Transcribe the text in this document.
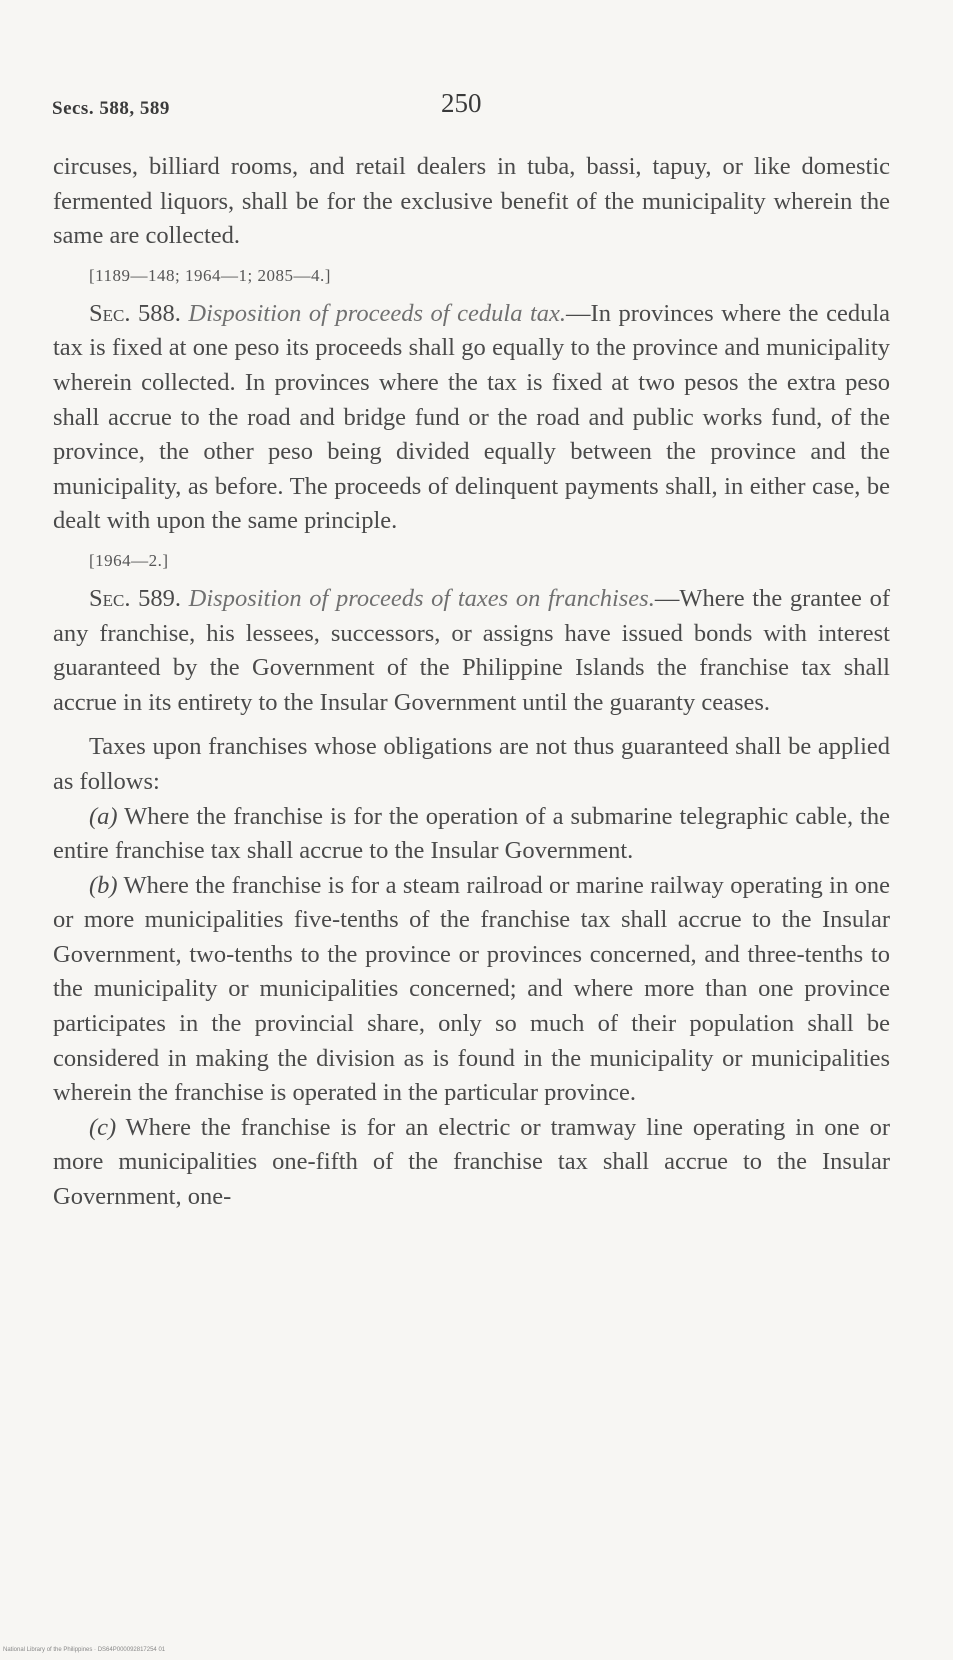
Secs. 588, 589	250

circuses, billiard rooms, and retail dealers in tuba, bassi, tapuy, or like domestic fermented liquors, shall be for the exclusive benefit of the municipality wherein the same are collected.

[1189—148; 1964—1; 2085—4.]

Sec. 588. Disposition of proceeds of cedula tax.—In provinces where the cedula tax is fixed at one peso its proceeds shall go equally to the province and municipality wherein collected. In provinces where the tax is fixed at two pesos the extra peso shall accrue to the road and bridge fund or the road and public works fund, of the province, the other peso being divided equally between the province and the municipality, as before. The proceeds of delinquent payments shall, in either case, be dealt with upon the same principle.

[1964—2.]

Sec. 589. Disposition of proceeds of taxes on franchises.—Where the grantee of any franchise, his lessees, successors, or assigns have issued bonds with interest guaranteed by the Government of the Philippine Islands the franchise tax shall accrue in its entirety to the Insular Government until the guaranty ceases.

Taxes upon franchises whose obligations are not thus guaranteed shall be applied as follows:

(a) Where the franchise is for the operation of a submarine telegraphic cable, the entire franchise tax shall accrue to the Insular Government.

(b) Where the franchise is for a steam railroad or marine railway operating in one or more municipalities five-tenths of the franchise tax shall accrue to the Insular Government, two-tenths to the province or provinces concerned, and three-tenths to the municipality or municipalities concerned; and where more than one province participates in the provincial share, only so much of their population shall be considered in making the division as is found in the municipality or municipalities wherein the franchise is operated in the particular province.

(c) Where the franchise is for an electric or tramway line operating in one or more municipalities one-fifth of the franchise tax shall accrue to the Insular Government, one-

National Library of the Philippines · DS64P000092817254 01
